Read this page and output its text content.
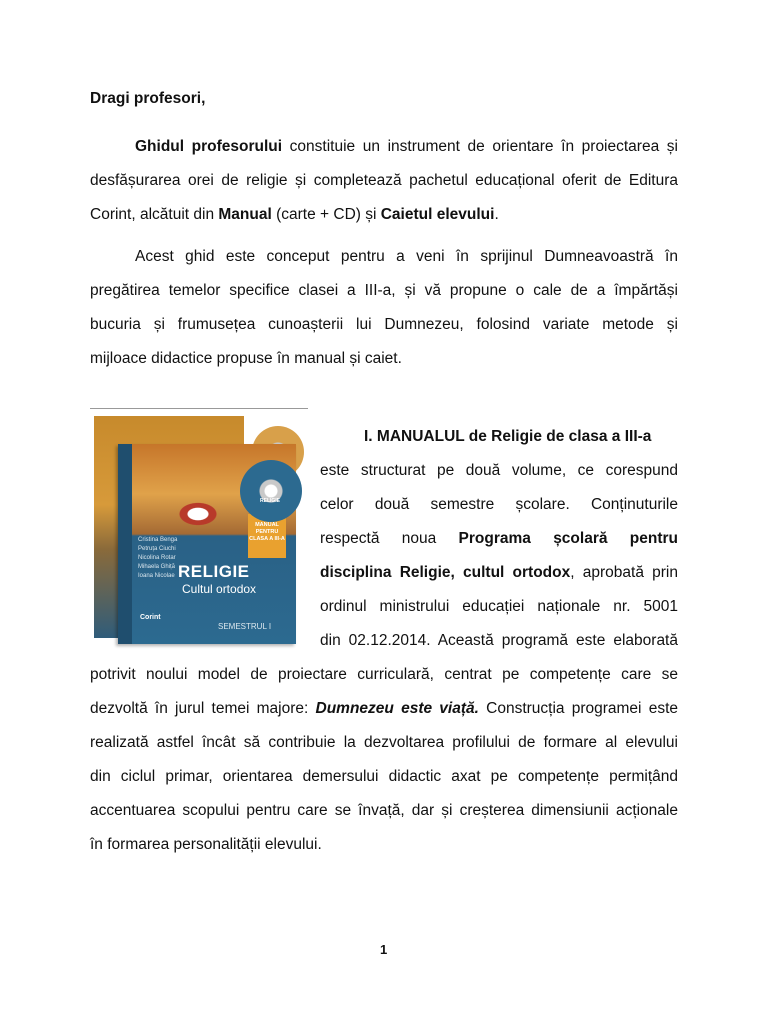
Dragi profesori,
Ghidul profesorului constituie un instrument de orientare în proiectarea și
desfășurarea orei de religie și completează pachetul educațional oferit de Editura
Corint, alcătuit din Manual (carte + CD) și Caietul elevului.
Acest ghid este conceput pentru a veni în sprijinul Dumneavoastră în
pregătirea temelor specifice clasei a III-a, și vă propune o cale de a împărtăși
bucuria și frumusețea cunoașterii lui Dumnezeu, folosind variate metode și
mijloace didactice propuse în manual și caiet.
MANUAL PENTRU CLASA A III-A
Cristina Benga
Petruța Ciuchi
Nicolina Rotar
Mihaela Ghiță
Ioana Nicolae RELIGIE
Cultul ortodox
Corint
SEMESTRUL I
RELIGIE
I. MANUALUL de Religie de clasa a III-a
este structurat pe două volume, ce corespund
celor două semestre școlare. Conținuturile
respectă noua Programa școlară pentru
disciplina Religie, cultul ortodox, aprobată prin
ordinul ministrului educației naționale nr. 5001
din 02.12.2014. Această programă este elaborată
potrivit noului model de proiectare curriculară, centrat pe competențe care se
dezvoltă în jurul temei majore: Dumnezeu este viață. Construcția programei este
realizată astfel încât să contribuie la dezvoltarea profilului de formare al elevului
din ciclul primar, orientarea demersului didactic axat pe competențe permițând
accentuarea scopului pentru care se învață, dar și creșterea dimensiunii acționale
în formarea personalității elevului.
1
